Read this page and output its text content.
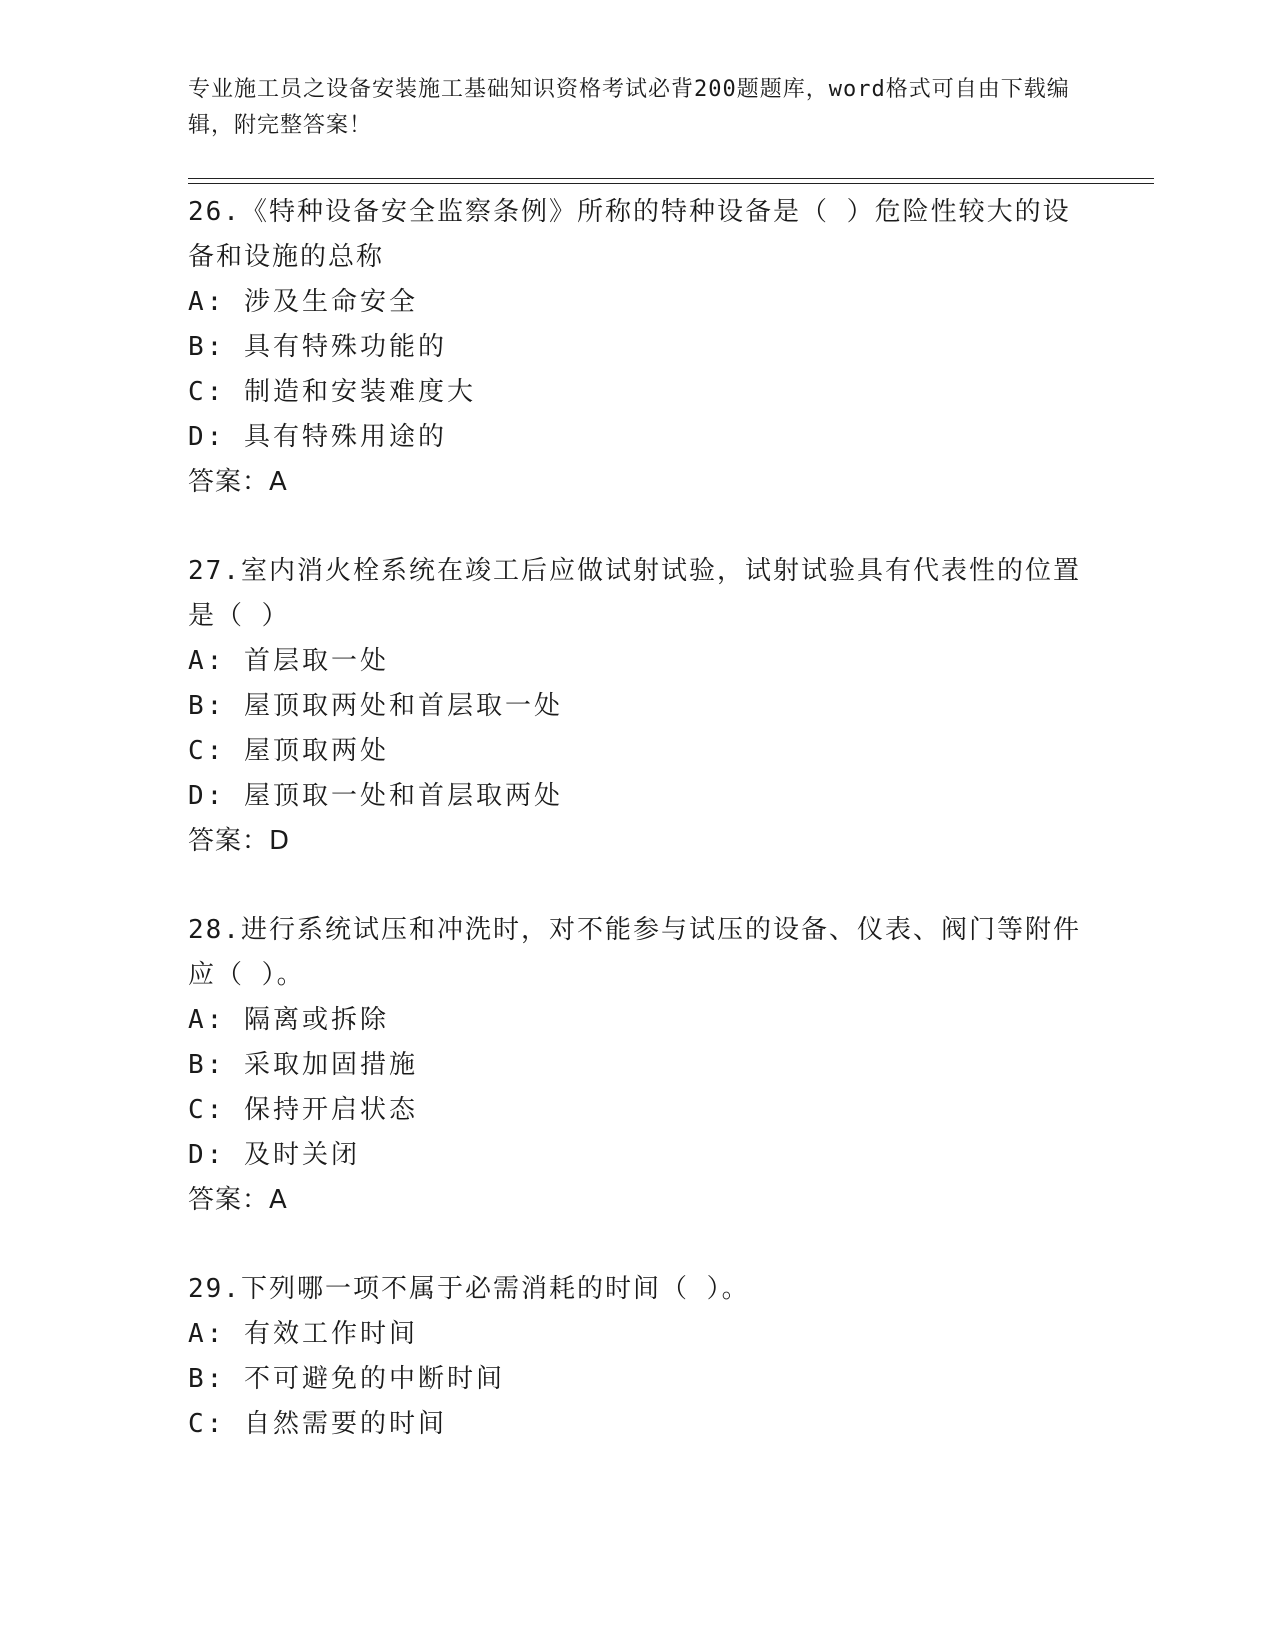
专业施工员之设备安装施工基础知识资格考试必背200题题库，word格式可自由下载编辑，附完整答案！
26.《特种设备安全监察条例》所称的特种设备是（ ）危险性较大的设备和设施的总称
A: 涉及生命安全
B: 具有特殊功能的
C: 制造和安装难度大
D: 具有特殊用途的
答案：A
27.室内消火栓系统在竣工后应做试射试验，试射试验具有代表性的位置是（ ）
A: 首层取一处
B: 屋顶取两处和首层取一处
C: 屋顶取两处
D: 屋顶取一处和首层取两处
答案：D
28.进行系统试压和冲洗时，对不能参与试压的设备、仪表、阀门等附件应（ ）。
A: 隔离或拆除
B: 采取加固措施
C: 保持开启状态
D: 及时关闭
答案：A
29.下列哪一项不属于必需消耗的时间（ ）。
A: 有效工作时间
B: 不可避免的中断时间
C: 自然需要的时间
